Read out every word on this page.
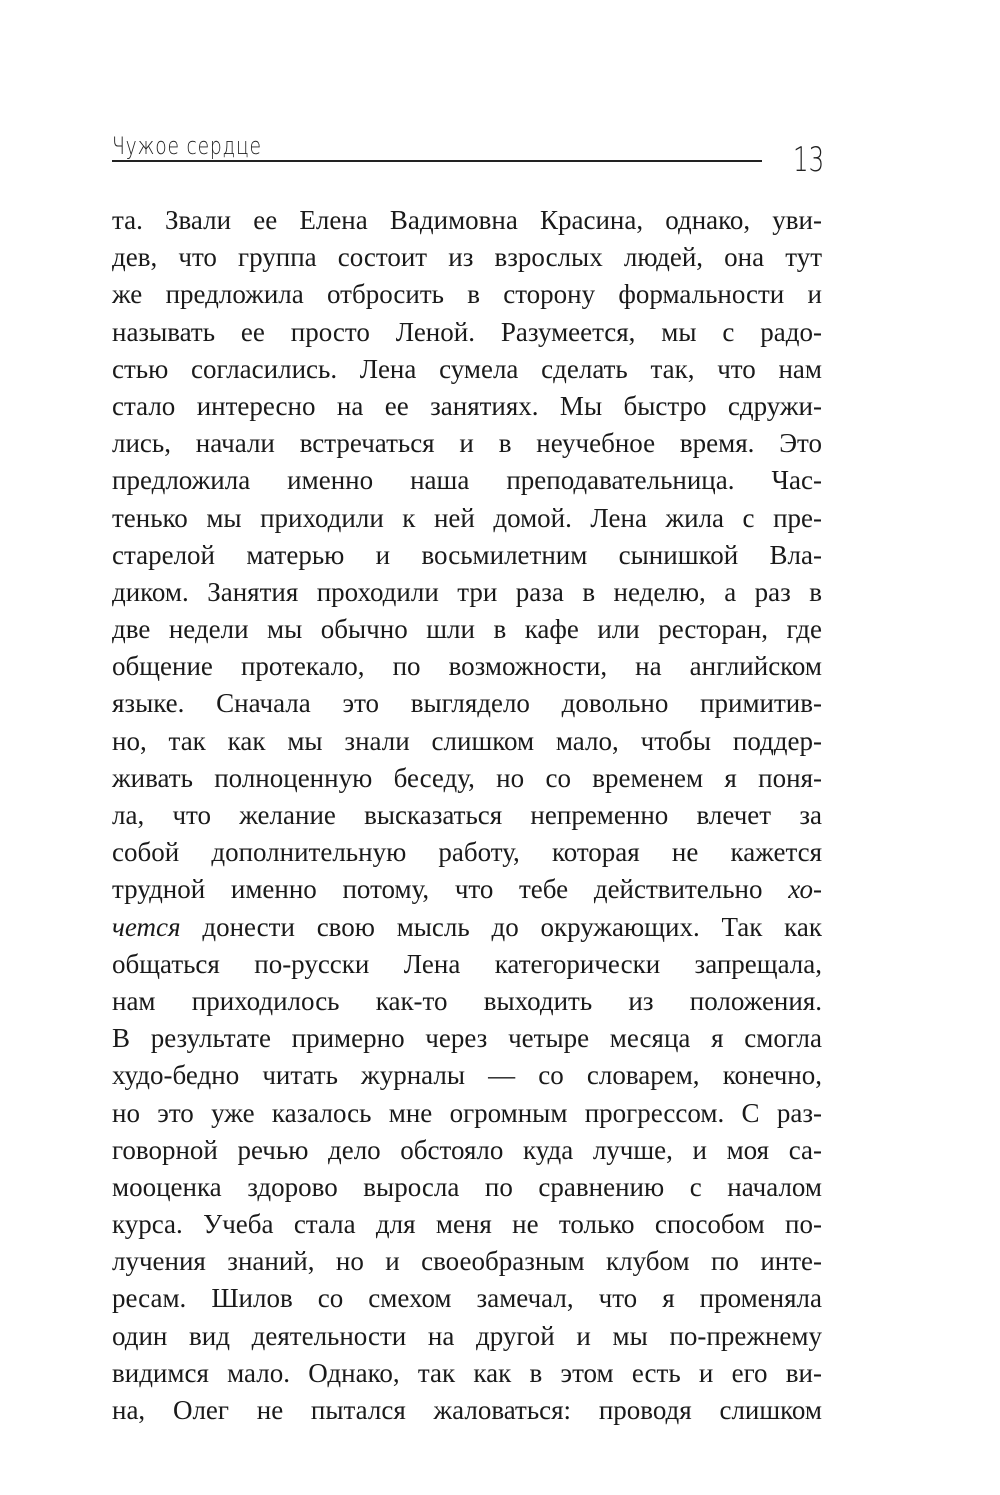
Чужое сердце	13
та. Звали ее Елена Вадимовна Красина, однако, уви-
дев, что группа состоит из взрослых людей, она тут
же предложила отбросить в сторону формальности и
называть ее просто Леной. Разумеется, мы с радо-
стью согласились. Лена сумела сделать так, что нам
стало интересно на ее занятиях. Мы быстро сдружи-
лись, начали встречаться и в неучебное время. Это
предложила именно наша преподавательница. Час-
тенько мы приходили к ней домой. Лена жила с пре-
старелой матерью и восьмилетним сынишкой Вла-
диком. Занятия проходили три раза в неделю, а раз в
две недели мы обычно шли в кафе или ресторан, где
общение протекало, по возможности, на английском
языке. Сначала это выглядело довольно примитив-
но, так как мы знали слишком мало, чтобы поддер-
живать полноценную беседу, но со временем я поня-
ла, что желание высказаться непременно влечет за
собой дополнительную работу, которая не кажется
трудной именно потому, что тебе действительно хо-
чется донести свою мысль до окружающих. Так как
общаться по-русски Лена категорически запрещала,
нам приходилось как-то выходить из положения.
В результате примерно через четыре месяца я смогла
худо-бедно читать журналы — со словарем, конечно,
но это уже казалось мне огромным прогрессом. С раз-
говорной речью дело обстояло куда лучше, и моя са-
мооценка здорово выросла по сравнению с началом
курса. Учеба стала для меня не только способом по-
лучения знаний, но и своеобразным клубом по инте-
ресам. Шилов со смехом замечал, что я променяла
один вид деятельности на другой и мы по-прежнему
видимся мало. Однако, так как в этом есть и его ви-
на, Олег не пытался жаловаться: проводя слишком
